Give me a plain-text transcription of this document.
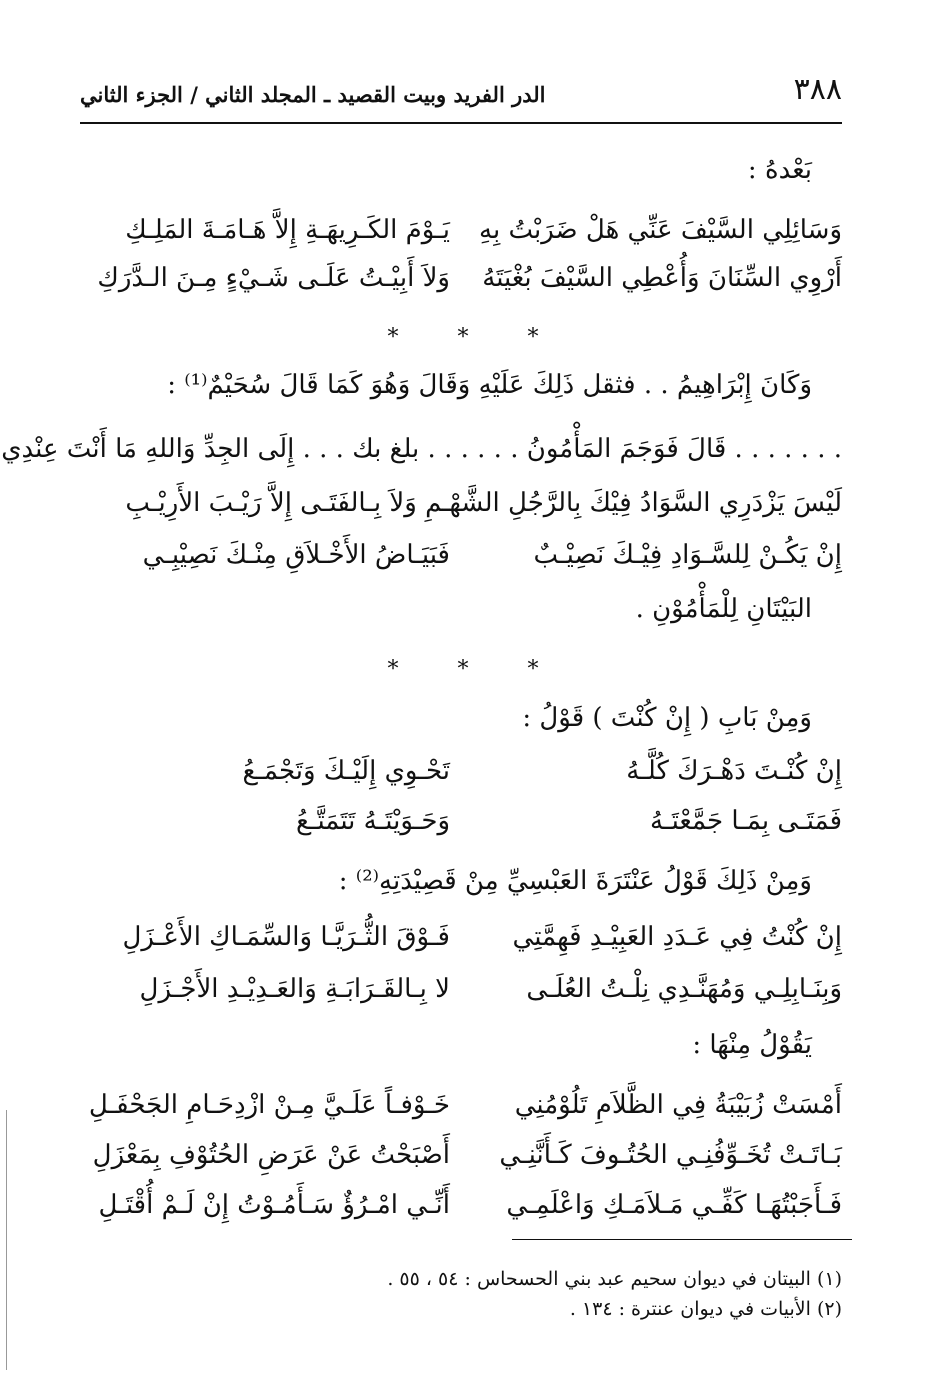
٣٨٨
الدر الفريد وبيت القصيد ـ المجلد الثاني / الجزء الثاني
بَعْدهُ :
وَسَائِلِي السَّيْفَ عَنِّي هَلْ ضَرَبْتُ بِهِ
يَـوْمَ الكَـرِيهَـةِ إِلاَّ هَـامَـةَ المَلِـكِ
أَرْوِي السِّنَانَ وَأُعْطِي السَّيْفَ بُغْيَتَهُ
وَلاَ أَبِيْـتُ عَلَـى شَـيْءٍ مِـنَ الـدَّرَكِ
* * *
وَكَانَ إِبْرَاهِيمُ . . فثقل ذَلِكَ عَلَيْهِ وَقَالَ وَهُوَ كَمَا قَالَ سُحَيْمٌ⁽¹⁾ :
. . . . . . . قَالَ فَوَجَمَ المَأْمُونُ . . . . . . بلغ بك . . . إِلَى الجِدِّ وَاللهِ مَا أَنْتَ عِنْدِي
لَيْسَ يَزْدَرِي السَّوَادُ فِيْكَ بِالرَّجُلِ الشَّهْـ
ـمِ وَلاَ بِـالفَتَـى إِلاَّ رَيْـبَ الأَرِيْـبِ
إِنْ يَكُـنْ لِلسَّـوَادِ فِيْـكَ نَصِيْـبٌ
فَبَيَـاضُ الأَخْـلاَقِ مِنْـكَ نَصِيْبِـي
البَيْتَانِ لِلْمَأْمُوْنِ .
* * *
وَمِنْ بَابِ ( إِنْ كُنْتَ ) قَوْلُ :
إِنْ كُنْـتَ دَهْـرَكَ كُلَّـهُ
تَحْـوِي إِلَيْـكَ وَتَجْمَـعُ
فَمَتَـى بِمَـا جَمَّعْتَـهُ
وَحَـوَيْتَـهُ تَتَمَتَّـعُ
وَمِنْ ذَلِكَ قَوْلُ عَنْتَرَةَ العَبْسِيِّ مِنْ قَصِيْدَتِهِ⁽²⁾ :
إِنْ كُنْتُ فِي عَـدَدِ العَبِيْـدِ فَهِمَّتِي
فَـوْقَ الثُّـرَيَّـا وَالسِّمَـاكِ الأَعْـزَلِ
وَبِنَـابِلِـي وَمُهَنَّـدِي نِلْـتُ العُلَـى
لا بِـالقَـرَابَـةِ وَالعَـدِيْـدِ الأَجْـزَلِ
يَقُوْلُ مِنْهَا :
أَمْسَتْ زُبَيْبَةُ فِي الظَّلاَمِ تَلُوْمُنِي
خَـوْفـاً عَلَـيَّ مِـنْ ازْدِحَـامِ الجَحْفَـلِ
بَـاتَـتْ تُخَـوِّفُنِـي الحُتُـوفَ كَـأَنَّنِـي
أَصْبَحْتُ عَنْ عَرَضِ الحُتُوْفِ بِمَعْزَلِ
فَـأَجَبْتُهَـا كَفِّـي مَـلاَمَـكِ وَاعْلَمِـي
أَنِّـي امْـرُؤٌ سَـأَمُـوْتُ إِنْ لَـمْ أُقْتَـلِ
(١) البيتان في ديوان سحيم عبد بني الحسحاس : ٥٤ ، ٥٥ .
(٢) الأبيات في ديوان عنترة : ١٣٤ .
